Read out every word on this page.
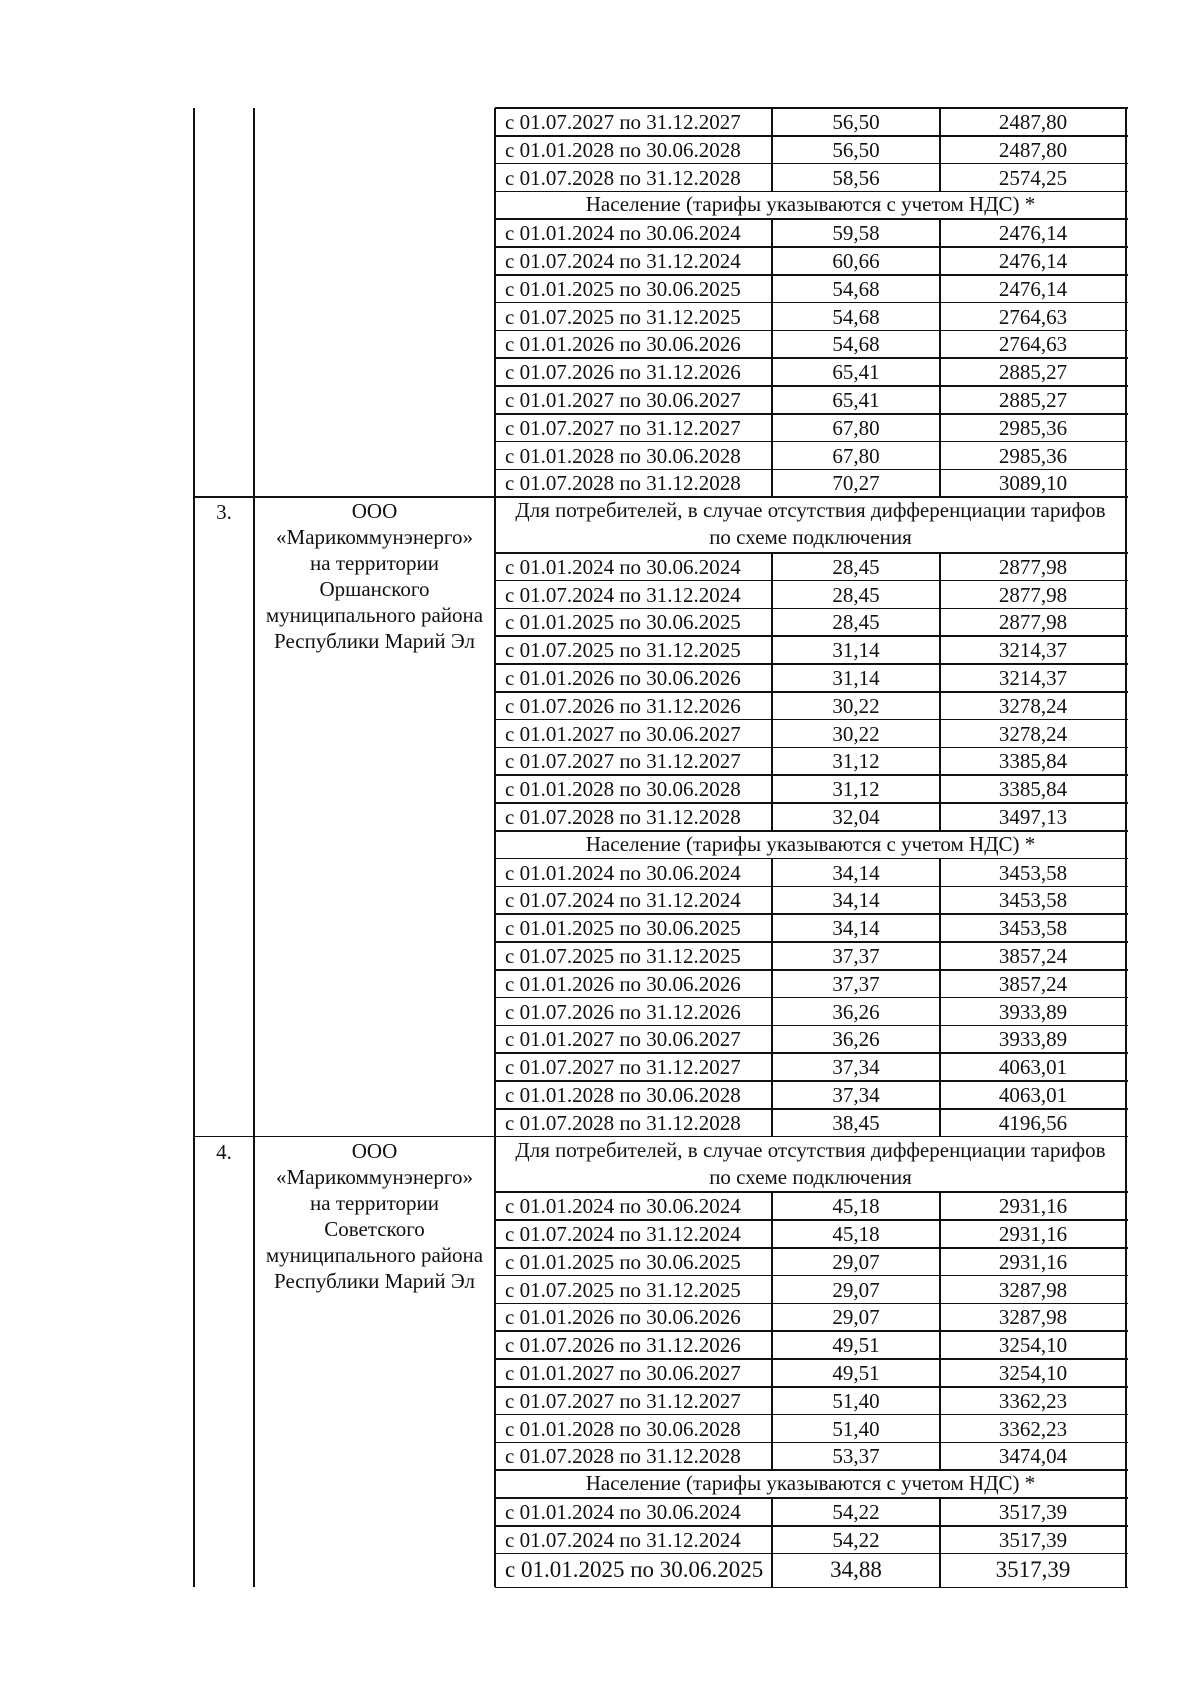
с 01.07.2027 по 31.12.2027	56,50	2487,80
с 01.01.2028 по 30.06.2028	56,50	2487,80
с 01.07.2028 по 31.12.2028	58,56	2574,25
Население (тарифы указываются с учетом НДС) *
с 01.01.2024 по 30.06.2024	59,58	2476,14
с 01.07.2024 по 31.12.2024	60,66	2476,14
с 01.01.2025 по 30.06.2025	54,68	2476,14
с 01.07.2025 по 31.12.2025	54,68	2764,63
с 01.01.2026 по 30.06.2026	54,68	2764,63
с 01.07.2026 по 31.12.2026	65,41	2885,27
с 01.01.2027 по 30.06.2027	65,41	2885,27
с 01.07.2027 по 31.12.2027	67,80	2985,36
с 01.01.2028 по 30.06.2028	67,80	2985,36
с 01.07.2028 по 31.12.2028	70,27	3089,10
3.	ООО «Марикоммунэнерго» на территории Оршанского муниципального района Республики Марий Эл
Для потребителей, в случае отсутствия дифференциации тарифов по схеме подключения
с 01.01.2024 по 30.06.2024	28,45	2877,98
с 01.07.2024 по 31.12.2024	28,45	2877,98
с 01.01.2025 по 30.06.2025	28,45	2877,98
с 01.07.2025 по 31.12.2025	31,14	3214,37
с 01.01.2026 по 30.06.2026	31,14	3214,37
с 01.07.2026 по 31.12.2026	30,22	3278,24
с 01.01.2027 по 30.06.2027	30,22	3278,24
с 01.07.2027 по 31.12.2027	31,12	3385,84
с 01.01.2028 по 30.06.2028	31,12	3385,84
с 01.07.2028 по 31.12.2028	32,04	3497,13
Население (тарифы указываются с учетом НДС) *
с 01.01.2024 по 30.06.2024	34,14	3453,58
с 01.07.2024 по 31.12.2024	34,14	3453,58
с 01.01.2025 по 30.06.2025	34,14	3453,58
с 01.07.2025 по 31.12.2025	37,37	3857,24
с 01.01.2026 по 30.06.2026	37,37	3857,24
с 01.07.2026 по 31.12.2026	36,26	3933,89
с 01.01.2027 по 30.06.2027	36,26	3933,89
с 01.07.2027 по 31.12.2027	37,34	4063,01
с 01.01.2028 по 30.06.2028	37,34	4063,01
с 01.07.2028 по 31.12.2028	38,45	4196,56
4.	ООО «Марикоммунэнерго» на территории Советского муниципального района Республики Марий Эл
Для потребителей, в случае отсутствия дифференциации тарифов по схеме подключения
с 01.01.2024 по 30.06.2024	45,18	2931,16
с 01.07.2024 по 31.12.2024	45,18	2931,16
с 01.01.2025 по 30.06.2025	29,07	2931,16
с 01.07.2025 по 31.12.2025	29,07	3287,98
с 01.01.2026 по 30.06.2026	29,07	3287,98
с 01.07.2026 по 31.12.2026	49,51	3254,10
с 01.01.2027 по 30.06.2027	49,51	3254,10
с 01.07.2027 по 31.12.2027	51,40	3362,23
с 01.01.2028 по 30.06.2028	51,40	3362,23
с 01.07.2028 по 31.12.2028	53,37	3474,04
Население (тарифы указываются с учетом НДС) *
с 01.01.2024 по 30.06.2024	54,22	3517,39
с 01.07.2024 по 31.12.2024	54,22	3517,39
с 01.01.2025 по 30.06.2025	34,88	3517,39
